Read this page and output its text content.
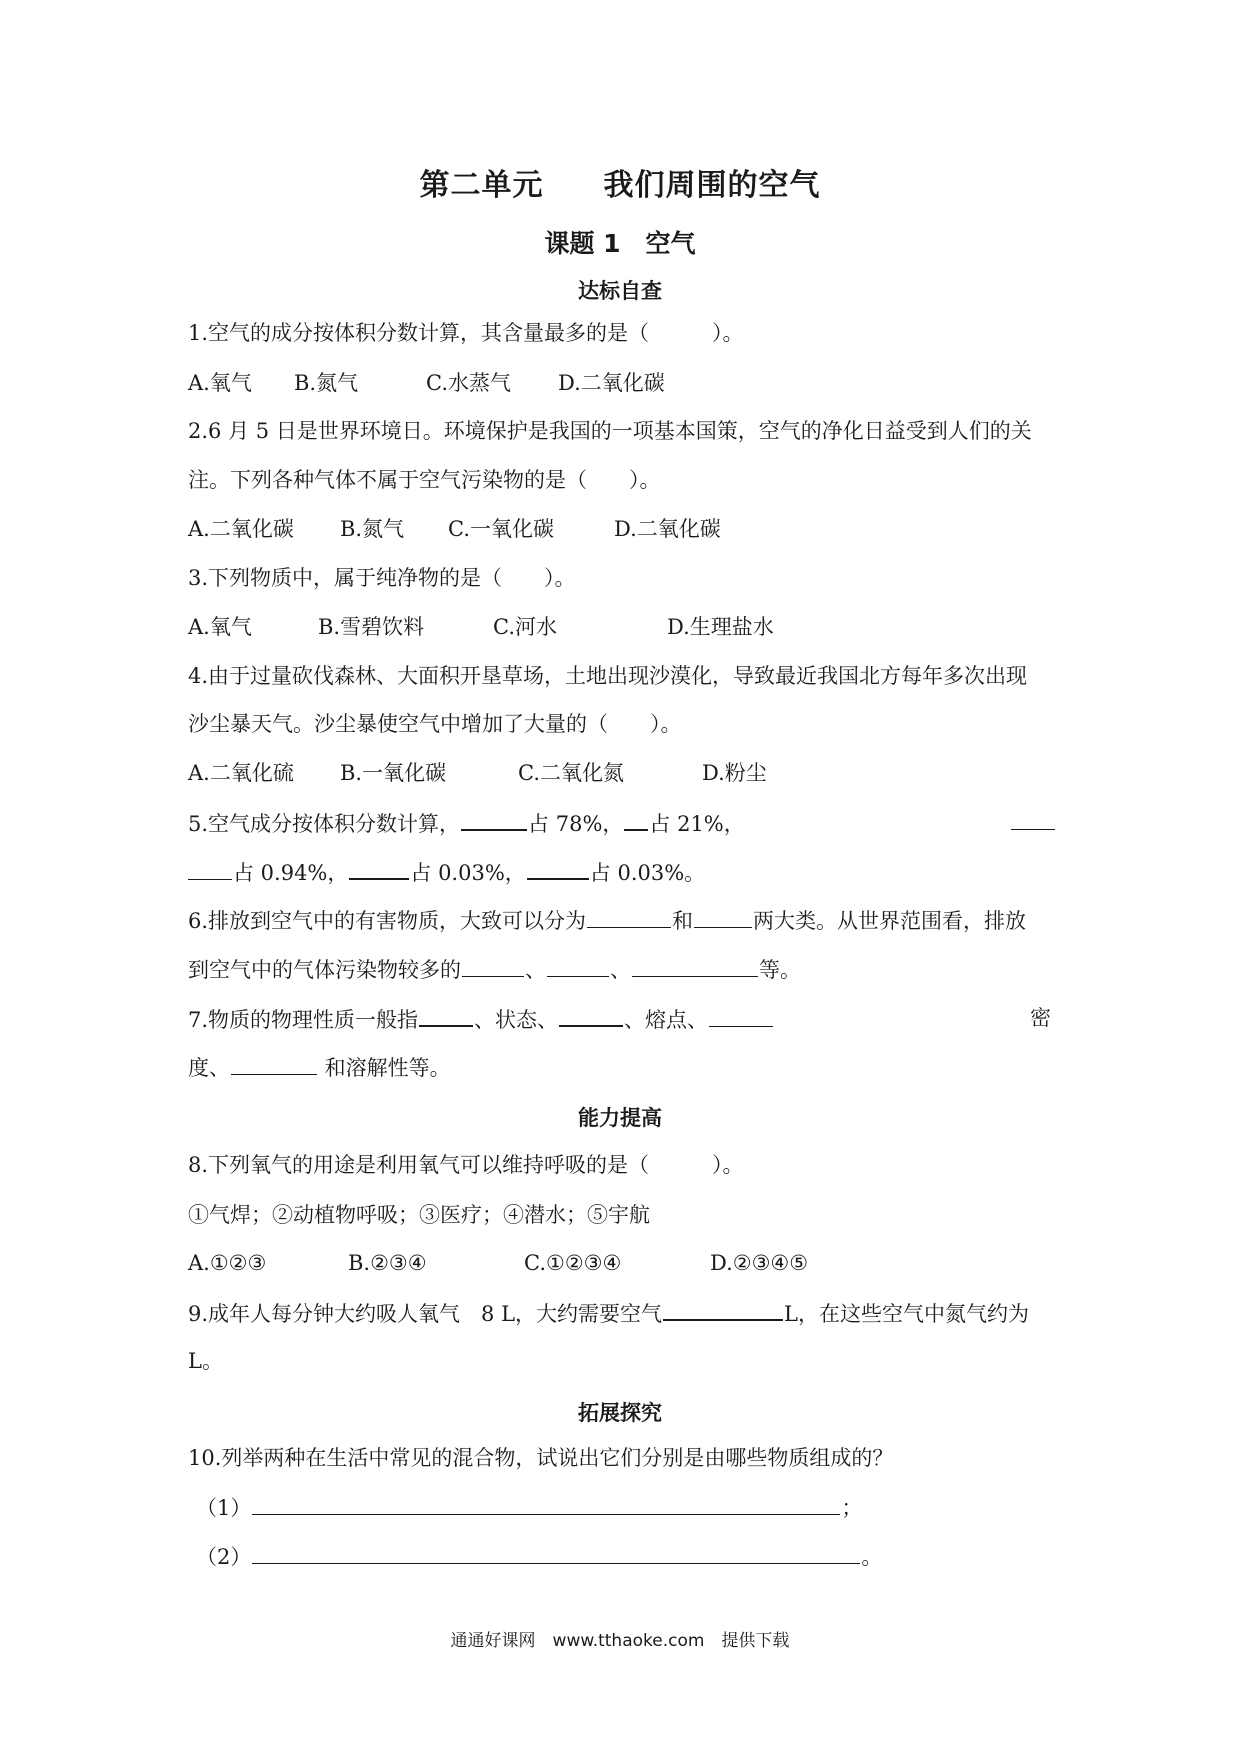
第二单元 我们周围的空气
课题 1　空气
达标自查
1.空气的成分按体积分数计算，其含量最多的是（　　　）。
A.氧气 B.氮气	C.水蒸气 D.二氧化碳
2.6 月 5 日是世界环境日。环境保护是我国的一项基本国策，空气的净化日益受到人们的关
注。下列各种气体不属于空气污染物的是（　　）。
A.二氧化碳 B.氮气 C.一氧化碳	D.二氧化碳
3.下列物质中，属于纯净物的是（　　）。
A.氧气	B.雪碧饮料	C.河水	D.生理盐水
4.由于过量砍伐森林、大面积开垦草场，土地出现沙漠化，导致最近我国北方每年多次出现
沙尘暴天气。沙尘暴使空气中增加了大量的（　　）。
A.二氧化硫 B.一氧化碳	C.二氧化氮	D.粉尘
5.空气成分按体积分数计算，	占 78%， 占 21%，
占 0.94%，	占 0.03%，	占 0.03%。
6.排放到空气中的有害物质，大致可以分为	和	两大类。从世界范围看，排放
到空气中的气体污染物较多的	、	、	等。
7.物质的物理性质一般指	、状态、	、熔点、	密
度、	和溶解性等。
能力提高
8.下列氧气的用途是利用氧气可以维持呼吸的是（　　　）。
①气焊；②动植物呼吸；③医疗；④潜水；⑤宇航
A.①②③	B.②③④	C.①②③④	D.②③④⑤
9.成年人每分钟大约吸人氧气　8 L，大约需要空气	L，在这些空气中氮气约为
L。
拓展探究
10.列举两种在生活中常见的混合物，试说出它们分别是由哪些物质组成的？
（1）	；
（2）	。
通通好课网　www.tthaoke.com　提供下载
